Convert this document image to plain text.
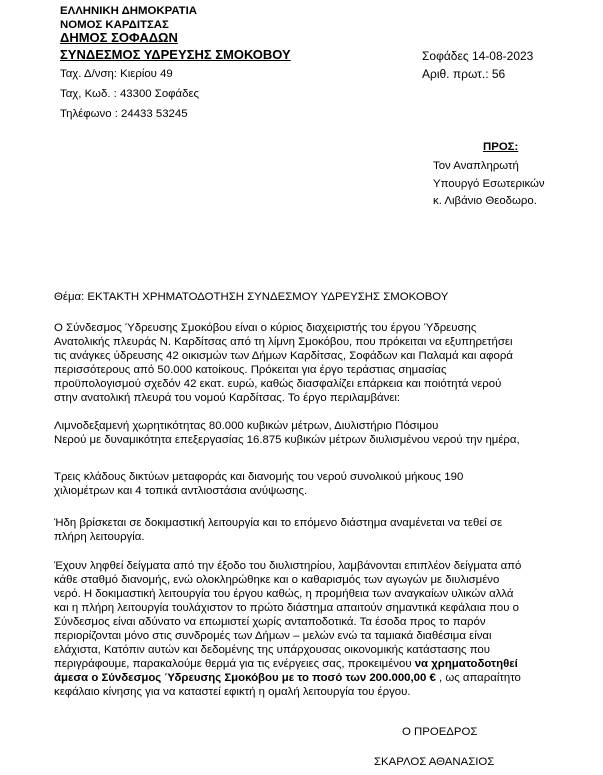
ΕΛΛΗΝΙΚΗ ΔΗΜΟΚΡΑΤΙΑ
ΝΟΜΟΣ ΚΑΡΔΙΤΣΑΣ
ΔΗΜΟΣ ΣΟΦΑΔΩΝ
ΣΥΝΔΕΣΜΟΣ ΥΔΡΕΥΣΗΣ ΣΜΟΚΟΒΟΥ
Ταχ. Δ/νση: Κιερίου 49
Ταχ, Κωδ. : 43300 Σοφάδες
Τηλέφωνο : 24433 53245
Σοφάδες 14-08-2023
Αριθ. πρωτ.: 56
ΠΡΟΣ:
Τον Αναπληρωτή
Υπουργό Εσωτερικών
κ. Λιβάνιο Θεοδωρο.
Θέμα: ΕΚΤΑΚΤΗ ΧΡΗΜΑΤΟΔΟΤΗΣΗ ΣΥΝΔΕΣΜΟΥ ΥΔΡΕΥΣΗΣ ΣΜΟΚΟΒΟΥ

Ο Σύνδεσμος Ύδρευσης Σμοκόβου είναι ο κύριος διαχειριστής του έργου Ύδρευσης

Ανατολικής πλευράς Ν. Καρδίτσας από τη λίμνη Σμοκόβου, που πρόκειται να εξυπηρετήσει

τις ανάγκες ύδρευσης 42 οικισμών των Δήμων Καρδίτσας, Σοφάδων και Παλαμά και αφορά

περισσότερους από 50.000 κατοίκους. Πρόκειται για έργο τεράστιας σημασίας

προϋπολογισμού σχεδόν 42 εκατ. ευρώ, καθώς διασφαλίζει επάρκεια και ποιότητά νερού

στην ανατολική πλευρά του νομού Καρδίτσας. Το έργο περιλαμβάνει:

Λιμνοδεξαμενή χωρητικότητας 80.000 κυβικών μέτρων, Διυλιστήριο Πόσιμου

Νερού με δυναμικότητα επεξεργασίας 16.875 κυβικών μέτρων διυλισμένου νερού την ημέρα,

Τρεις κλάδους δικτύων μεταφοράς και διανομής του νερού συνολικού μήκους 190

χιλιομέτρων και 4 τοπικά αντλιοστάσια ανύψωσης.

Ήδη βρίσκεται σε δοκιμαστική λειτουργία και το επόμενο διάστημα αναμένεται να τεθεί σε

πλήρη λειτουργία.

Έχουν ληφθεί δείγματα από την έξοδο του διυλιστηρίου, λαμβάνονται επιπλέον δείγματα από

κάθε σταθμό διανομής, ενώ ολοκληρώθηκε και ο καθαρισμός των αγωγών με διυλισμένο

νερό. Η δοκιμαστική λειτουργία του έργου καθώς, η προμήθεια των αναγκαίων υλικών αλλά

και η πλήρη λειτουργία τουλάχιστον το πρώτο διάστημα απαιτούν σημαντικά κεφάλαια που ο

Σύνδεσμος είναι αδύνατο να επωμιστεί χωρίς ανταποδοτικά. Τα έσοδα προς το παρόν

περιορίζονται μόνο στις συνδρομές των Δήμων – μελών ενώ τα ταμιακά διαθέσιμα είναι

ελάχιστα, Κατόπιν αυτών και δεδομένης της υπάρχουσας οικονομικής κατάστασης που

περιγράφουμε, παρακαλούμε θερμά για τις ενέργειες σας, προκειμένου να χρηματοδοτηθεί

άμεσα ο Σύνδεσμος Ύδρευσης Σμοκόβου με το ποσό των 200.000,00 € , ως απαραίτητο

κεφάλαιο κίνησης για να καταστεί εφικτή η ομαλή λειτουργία του έργου.

Ο ΠΡΟΕΔΡΟΣ
ΣΚΑΡΛΟΣ ΑΘΑΝΑΣΙΟΣ
